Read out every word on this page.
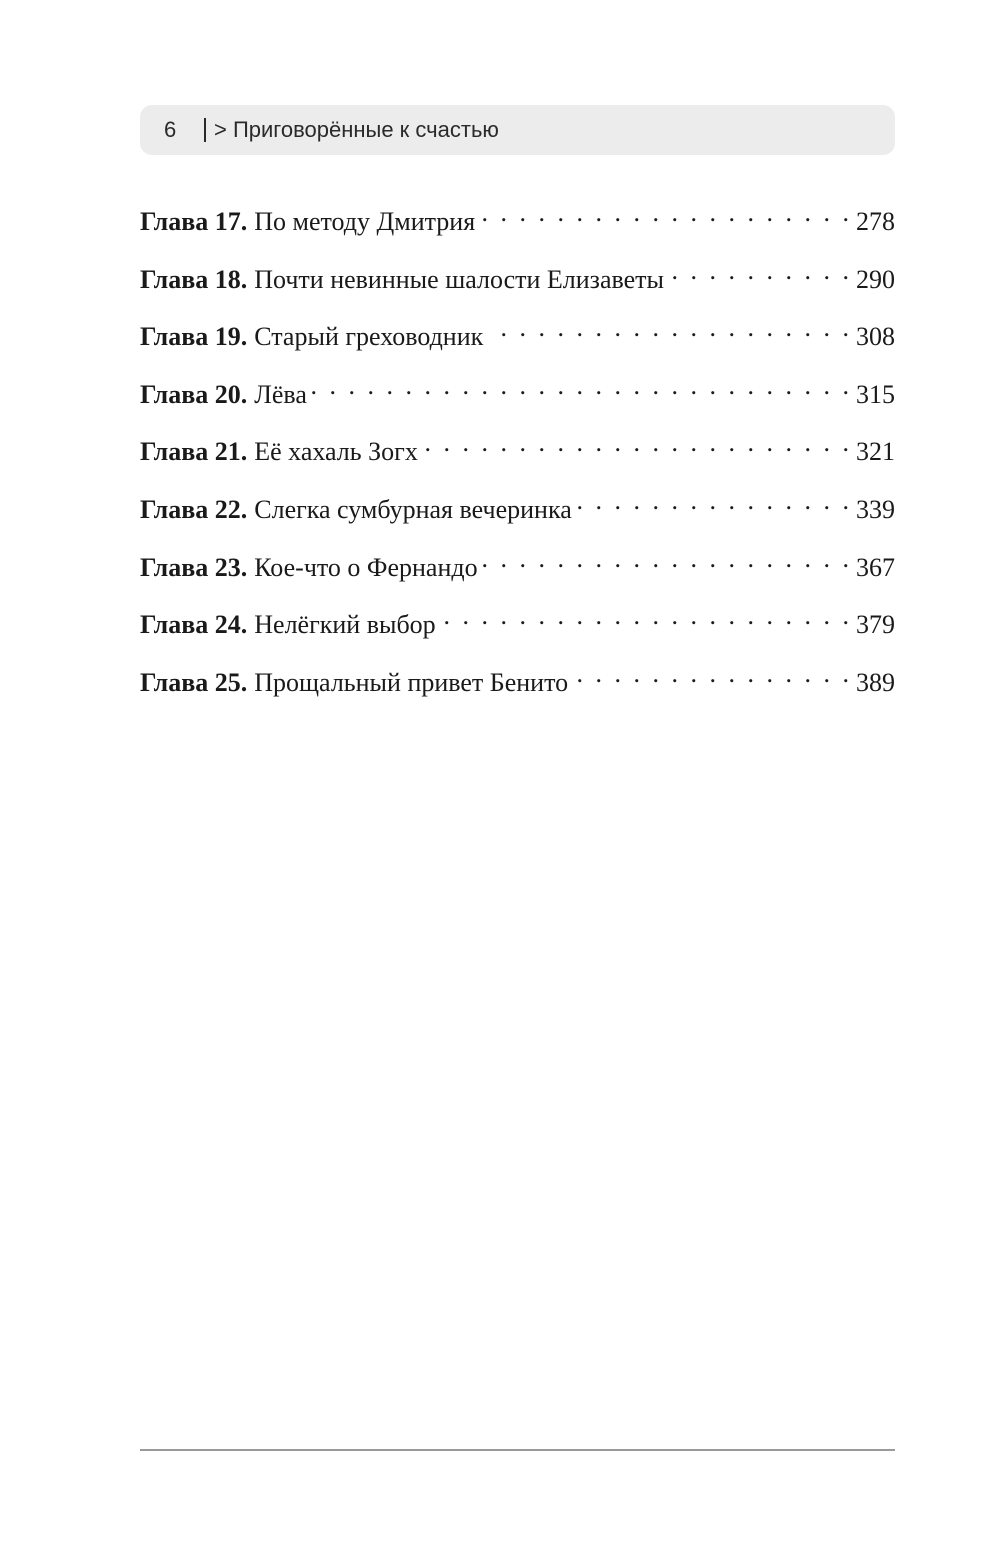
6 > Приговорённые к счастью
Глава 17. По методу Дмитрия . . .	278
Глава 18. Почти невинные шалости Елизаветы . . .	290
Глава 19. Старый греховодник . . .	308
Глава 20. Лёва . . .	315
Глава 21. Её хахаль Зогх . . .	321
Глава 22. Слегка сумбурная вечеринка . . .	339
Глава 23. Кое-что о Фернандо . . .	367
Глава 24. Нелёгкий выбор . . .	379
Глава 25. Прощальный привет Бенито . . .	389
